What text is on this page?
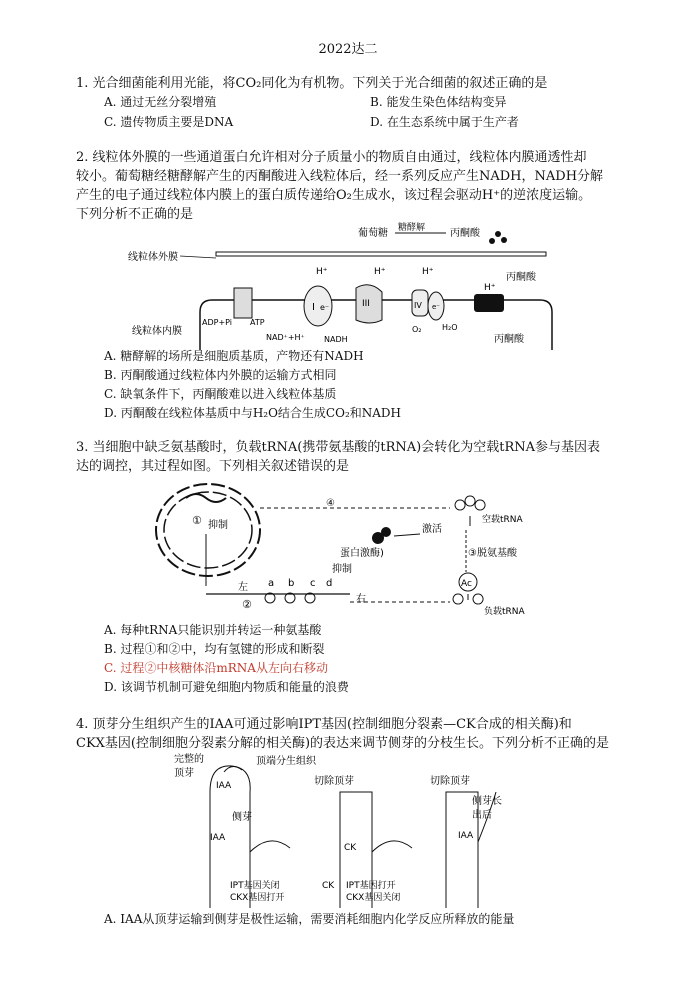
2022达二
1. 光合细菌能利用光能，将CO₂同化为有机物。下列关于光合细菌的叙述正确的是
A. 通过无丝分裂增殖	B. 能发生染色体结构变异
C. 遗传物质主要是DNA	D. 在生态系统中属于生产者
2. 线粒体外膜的一些通道蛋白允许相对分子质量小的物质自由通过，线粒体内膜通透性却
较小。葡萄糖经糖酵解产生的丙酮酸进入线粒体后，经一系列反应产生NADH，NADH分解
产生的电子通过线粒体内膜上的蛋白质传递给O₂生成水，该过程会驱动H⁺的逆浓度运输。
下列分析不正确的是
葡萄糖 糖酵解 丙酮酸
线粒体外膜
线粒体内膜
H⁺	H⁺	H⁺
H⁺
ADP+Pi ATP
I e⁻	III	IV e⁻
丙酮酸
丙酮酸
NAD⁺+H⁺ NADH
O₂	H₂O
A. 糖酵解的场所是细胞质基质，产物还有NADH
B. 丙酮酸通过线粒体内外膜的运输方式相同
C. 缺氧条件下，丙酮酸难以进入线粒体基质
D. 丙酮酸在线粒体基质中与H₂O结合生成CO₂和NADH
3. 当细胞中缺乏氨基酸时，负载tRNA(携带氨基酸的tRNA)会转化为空载tRNA参与基因表
达的调控，其过程如图。下列相关叙述错误的是
④
① 抑制
左
右
a b c d
②
蛋白激酶)
抑制
激活
空载tRNA
③脱氨基酸
Ac
负载tRNA
A. 每种tRNA只能识别并转运一种氨基酸
B. 过程①和②中，均有氢键的形成和断裂
C. 过程②中核糖体沿mRNA从左向右移动
D. 该调节机制可避免细胞内物质和能量的浪费
4. 顶芽分生组织产生的IAA可通过影响IPT基因(控制细胞分裂素—CK合成的相关酶)和
CKX基因(控制细胞分裂素分解的相关酶)的表达来调节侧芽的分枝生长。下列分析不正确的是
完整的
顶芽
顶端分生组织
IAA
IAA
侧芽
IPT基因关闭
CKX基因打开
切除顶芽
CK
CK IPT基因打开
CKX基因关闭
切除顶芽
侧芽长
出后
IAA
A. IAA从顶芽运输到侧芽是极性运输，需要消耗细胞内化学反应所释放的能量
